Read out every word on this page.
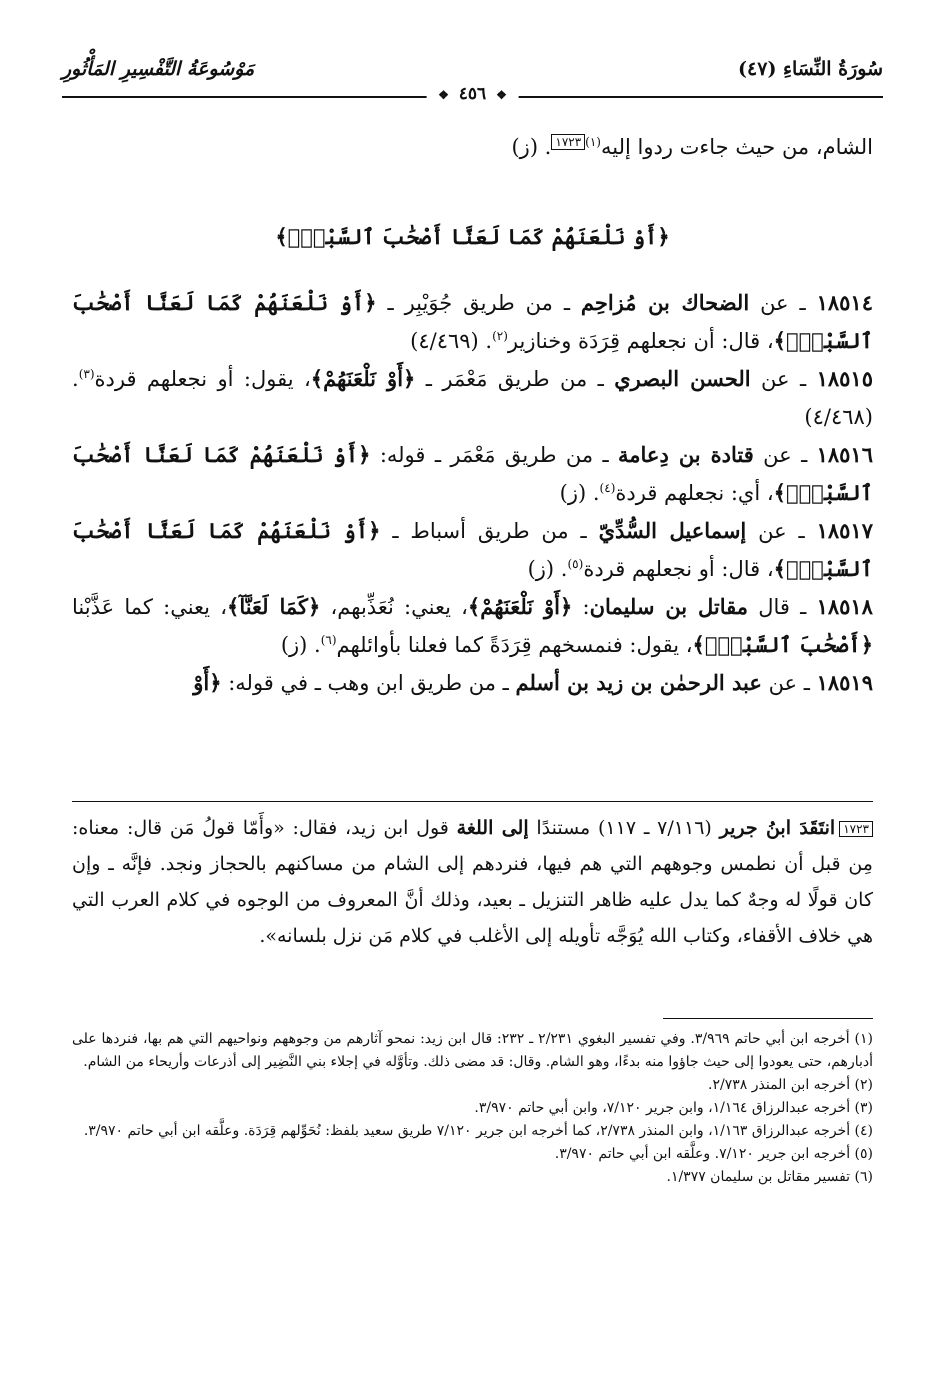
سُورَةُ النِّسَاءِ (٤٧)
مَوْسُوعَةُ التَّفْسِيرِ المَأْثُورِ
❖ ٤٥٦ ❖

الشام، من حيث جاءت ردوا إليه$^{(١)}$١٧٢٣. (ز)

﴿أَوْ نَلْعَنَهُمْ كَمَا لَعَنَّا أَصْحَٰبَ ٱلسَّبْتِۚ﴾

١٨٥١٤ ـ عن الضحاك بن مُزاحِم ـ من طريق جُوَيْبِر ـ ﴿أَوْ نَلْعَنَهُمْ كَمَا لَعَنَّا أَصْحَٰبَ ٱلسَّبْتِۚ﴾، قال: أن نجعلهم قِرَدَة وخنازير$^{(٢)}$. (٤/٤٦٩)

١٨٥١٥ ـ عن الحسن البصري ـ من طريق مَعْمَر ـ ﴿أَوْ نَلْعَنَهُمْ﴾، يقول: أو نجعلهم قردة$^{(٣)}$. (٤/٤٦٨)

١٨٥١٦ ـ عن قتادة بن دِعامة ـ من طريق مَعْمَر ـ قوله: ﴿أَوْ نَلْعَنَهُمْ كَمَا لَعَنَّا أَصْحَٰبَ ٱلسَّبْتِۚ﴾، أي: نجعلهم قردة$^{(٤)}$. (ز)

١٨٥١٧ ـ عن إسماعيل السُّدِّيّ ـ من طريق أسباط ـ ﴿أَوْ نَلْعَنَهُمْ كَمَا لَعَنَّا أَصْحَٰبَ ٱلسَّبْتِۚ﴾، قال: أو نجعلهم قردة$^{(٥)}$. (ز)

١٨٥١٨ ـ قال مقاتل بن سليمان: ﴿أَوْ نَلْعَنَهُمْ﴾، يعني: نُعَذِّبهم، ﴿كَمَا لَعَنَّآ﴾، يعني: كما عَذَّبْنا ﴿أَصْحَٰبَ ٱلسَّبْتِۚ﴾، يقول: فنمسخهم قِرَدَةً كما فعلنا بأوائلهم$^{(٦)}$. (ز)

١٨٥١٩ ـ عن عبد الرحمٰن بن زيد بن أسلم ـ من طريق ابن وهب ـ في قوله: ﴿أَوْ

١٧٢٣انتَقَدَ ابنُ جرير (٧/١١٦ ـ ١١٧) مستندًا إلى اللغة قول ابن زيد، فقال: «وأَمّا قولُ مَن قال: معناه: مِن قبل أن نطمس وجوههم التي هم فيها، فنردهم إلى الشام من مساكنهم بالحجاز ونجد. فإنَّه ـ وإن كان قولًا له وجهٌ كما يدل عليه ظاهر التنزيل ـ بعيد، وذلك أنَّ المعروف من الوجوه في كلام العرب التي هي خلاف الأقفاء، وكتاب الله يُوَجَّه تأويله إلى الأغلب في كلام مَن نزل بلسانه».

(١) أخرجه ابن أبي حاتم ٣/٩٦٩. وفي تفسير البغوي ٢/٢٣١ ـ ٢٣٢: قال ابن زيد: نمحو آثارهم من وجوههم ونواحيهم التي هم بها، فنردها على أدبارهم، حتى يعودوا إلى حيث جاؤوا منه بدءًا، وهو الشام. وقال: قد مضى ذلك. وتأوَّله في إجلاء بني النَّضِير إلى أذرعات وأريحاء من الشام.

(٢) أخرجه ابن المنذر ٢/٧٣٨.

(٣) أخرجه عبدالرزاق ١/١٦٤، وابن جرير ٧/١٢٠، وابن أبي حاتم ٣/٩٧٠.

(٤) أخرجه عبدالرزاق ١/١٦٣، وابن المنذر ٢/٧٣٨، كما أخرجه ابن جرير ٧/١٢٠ طريق سعيد بلفظ: نُحَوِّلهم قِرَدَة. وعلَّقه ابن أبي حاتم ٣/٩٧٠.

(٥) أخرجه ابن جرير ٧/١٢٠. وعلَّقه ابن أبي حاتم ٣/٩٧٠.

(٦) تفسير مقاتل بن سليمان ١/٣٧٧.
